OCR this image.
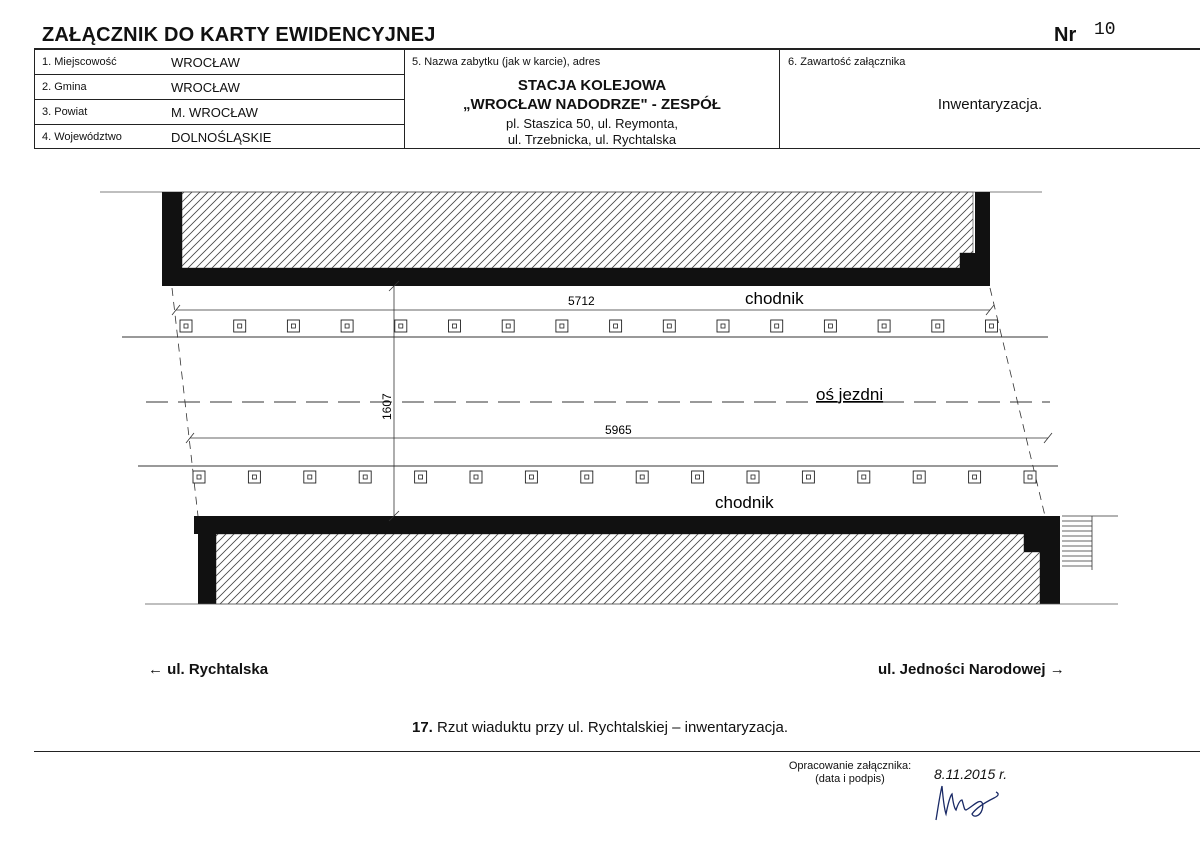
ZAŁĄCZNIK DO KARTY EWIDENCYJNEJ	Nr 10
1. Miejscowość	WROCŁAW
2. Gmina	WROCŁAW
3. Powiat	M. WROCŁAW
4. Województwo	DOLNOŚLĄSKIE
5. Nazwa zabytku (jak w karcie), adres
STACJA KOLEJOWA
„WROCŁAW NADODRZE" - ZESPÓŁ
pl. Staszica 50, ul. Reymonta,
ul. Trzebnicka, ul. Rychtalska
6. Zawartość załącznika
Inwentaryzacja.
5712
5965
1607
chodnik
oś jezdni
chodnik
← ul. Rychtalska	ul. Jedności Narodowej →
17. Rzut wiaduktu przy ul. Rychtalskiej – inwentaryzacja.
Opracowanie załącznika:
(data i podpis)	8.11.2015 r.
